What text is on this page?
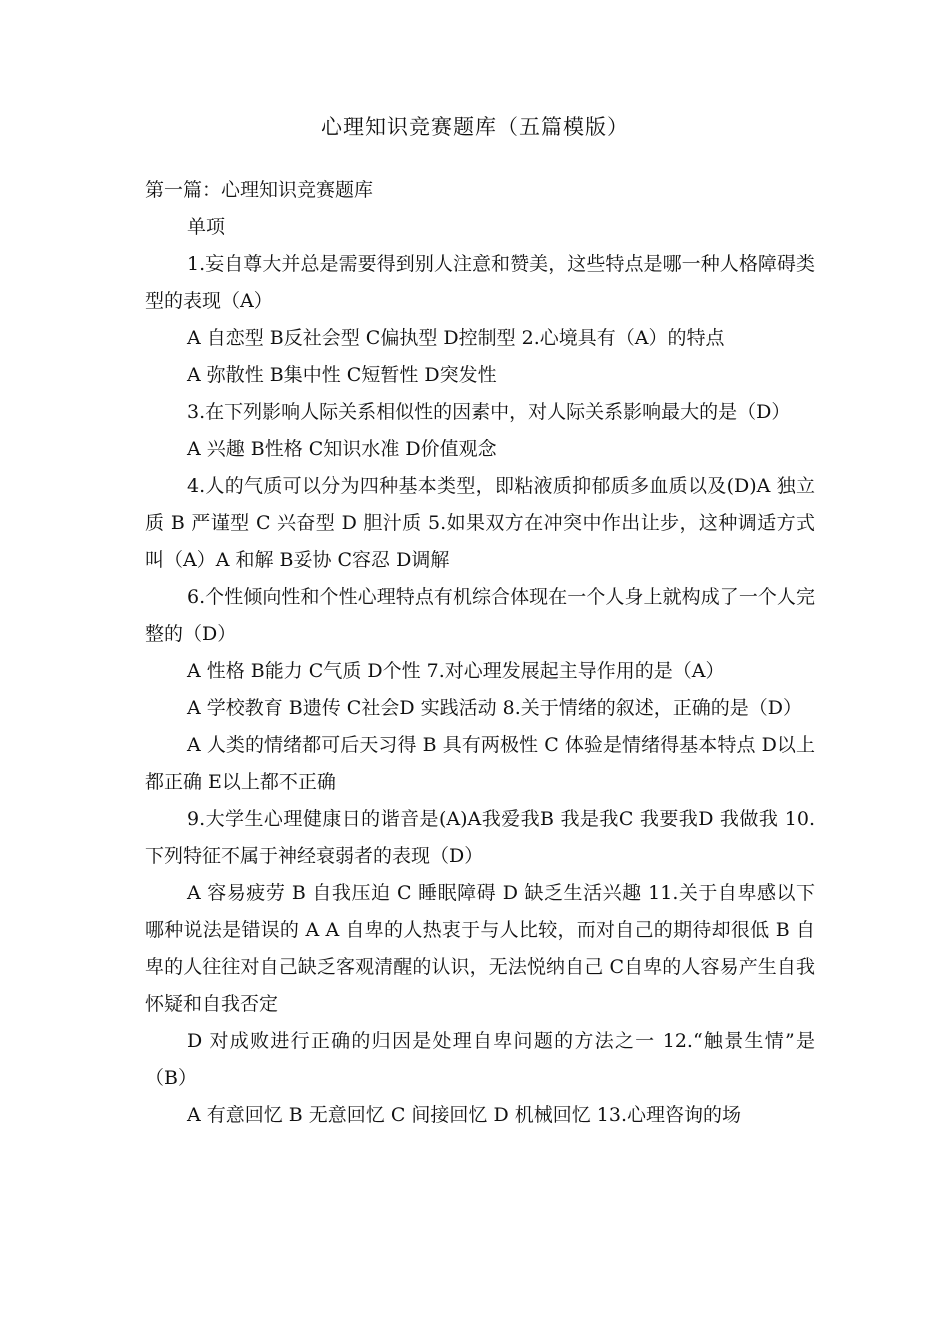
心理知识竞赛题库（五篇模版）

第一篇：心理知识竞赛题库

单项

1.妄自尊大并总是需要得到别人注意和赞美，这些特点是哪一种人格障碍类型的表现（A）

A 自恋型 B反社会型 C偏执型 D控制型 2.心境具有（A）的特点

A 弥散性 B集中性 C短暂性 D突发性

3.在下列影响人际关系相似性的因素中，对人际关系影响最大的是（D）

A 兴趣 B性格 C知识水准 D价值观念

4.人的气质可以分为四种基本类型，即粘液质抑郁质多血质以及(D)A 独立质 B 严谨型 C 兴奋型 D 胆汁质 5.如果双方在冲突中作出让步，这种调适方式叫（A）A 和解 B妥协 C容忍 D调解

6.个性倾向性和个性心理特点有机综合体现在一个人身上就构成了一个人完整的（D）

A 性格 B能力 C气质 D个性 7.对心理发展起主导作用的是（A）

A 学校教育 B遗传 C社会D 实践活动 8.关于情绪的叙述，正确的是（D）

A 人类的情绪都可后天习得 B 具有两极性 C 体验是情绪得基本特点 D以上都正确 E以上都不正确

9.大学生心理健康日的谐音是(A)A我爱我B 我是我C 我要我D 我做我 10.下列特征不属于神经衰弱者的表现（D）

A 容易疲劳 B 自我压迫 C 睡眠障碍 D 缺乏生活兴趣 11.关于自卑感以下哪种说法是错误的 A A 自卑的人热衷于与人比较，而对自己的期待却很低 B 自卑的人往往对自己缺乏客观清醒的认识，无法悦纳自己 C自卑的人容易产生自我怀疑和自我否定

D 对成败进行正确的归因是处理自卑问题的方法之一 12.“触景生情”是（B）

A 有意回忆 B 无意回忆 C 间接回忆 D 机械回忆 13.心理咨询的场
